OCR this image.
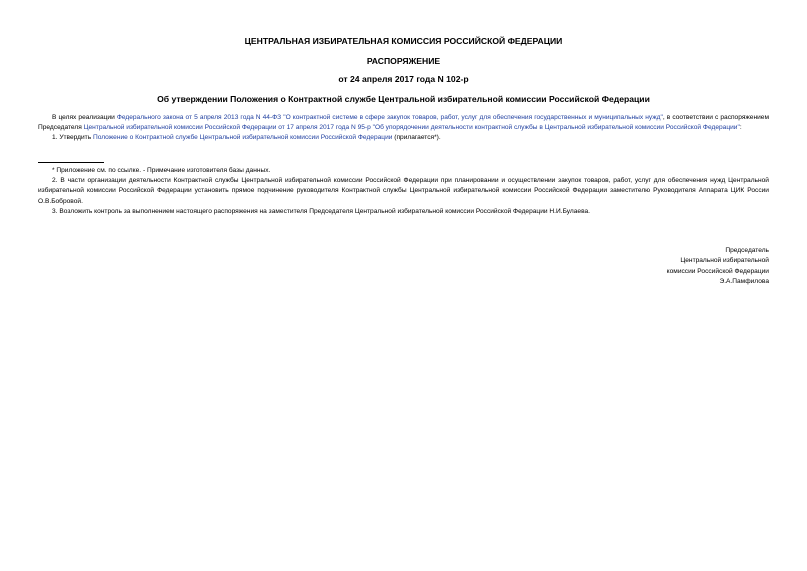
ЦЕНТРАЛЬНАЯ ИЗБИРАТЕЛЬНАЯ КОМИССИЯ РОССИЙСКОЙ ФЕДЕРАЦИИ

РАСПОРЯЖЕНИЕ

от 24 апреля 2017 года N 102-р

Об утверждении Положения о Контрактной службе Центральной избирательной комиссии Российской Федерации

В целях реализации Федерального закона от 5 апреля 2013 года N 44-ФЗ "О контрактной системе в сфере закупок товаров, работ, услуг для обеспечения государственных и муниципальных нужд", в соответствии с распоряжением Председателя Центральной избирательной комиссии Российской Федерации от 17 апреля 2017 года N 95-р "Об упорядочении деятельности контрактной службы в Центральной избирательной комиссии Российской Федерации":

1. Утвердить Положение о Контрактной службе Центральной избирательной комиссии Российской Федерации (прилагается*).

* Приложение см. по ссылке. - Примечание изготовителя базы данных.

2. В части организации деятельности Контрактной службы Центральной избирательной комиссии Российской Федерации при планировании и осуществлении закупок товаров, работ, услуг для обеспечения нужд Центральной избирательной комиссии Российской Федерации установить прямое подчинение руководителя Контрактной службы Центральной избирательной комиссии Российской Федерации заместителю Руководителя Аппарата ЦИК России О.В.Бобровой.

3. Возложить контроль за выполнением настоящего распоряжения на заместителя Председателя Центральной избирательной комиссии Российской Федерации Н.И.Булаева.

Председатель
Центральной избирательной
комиссии Российской Федерации
Э.А.Памфилова
